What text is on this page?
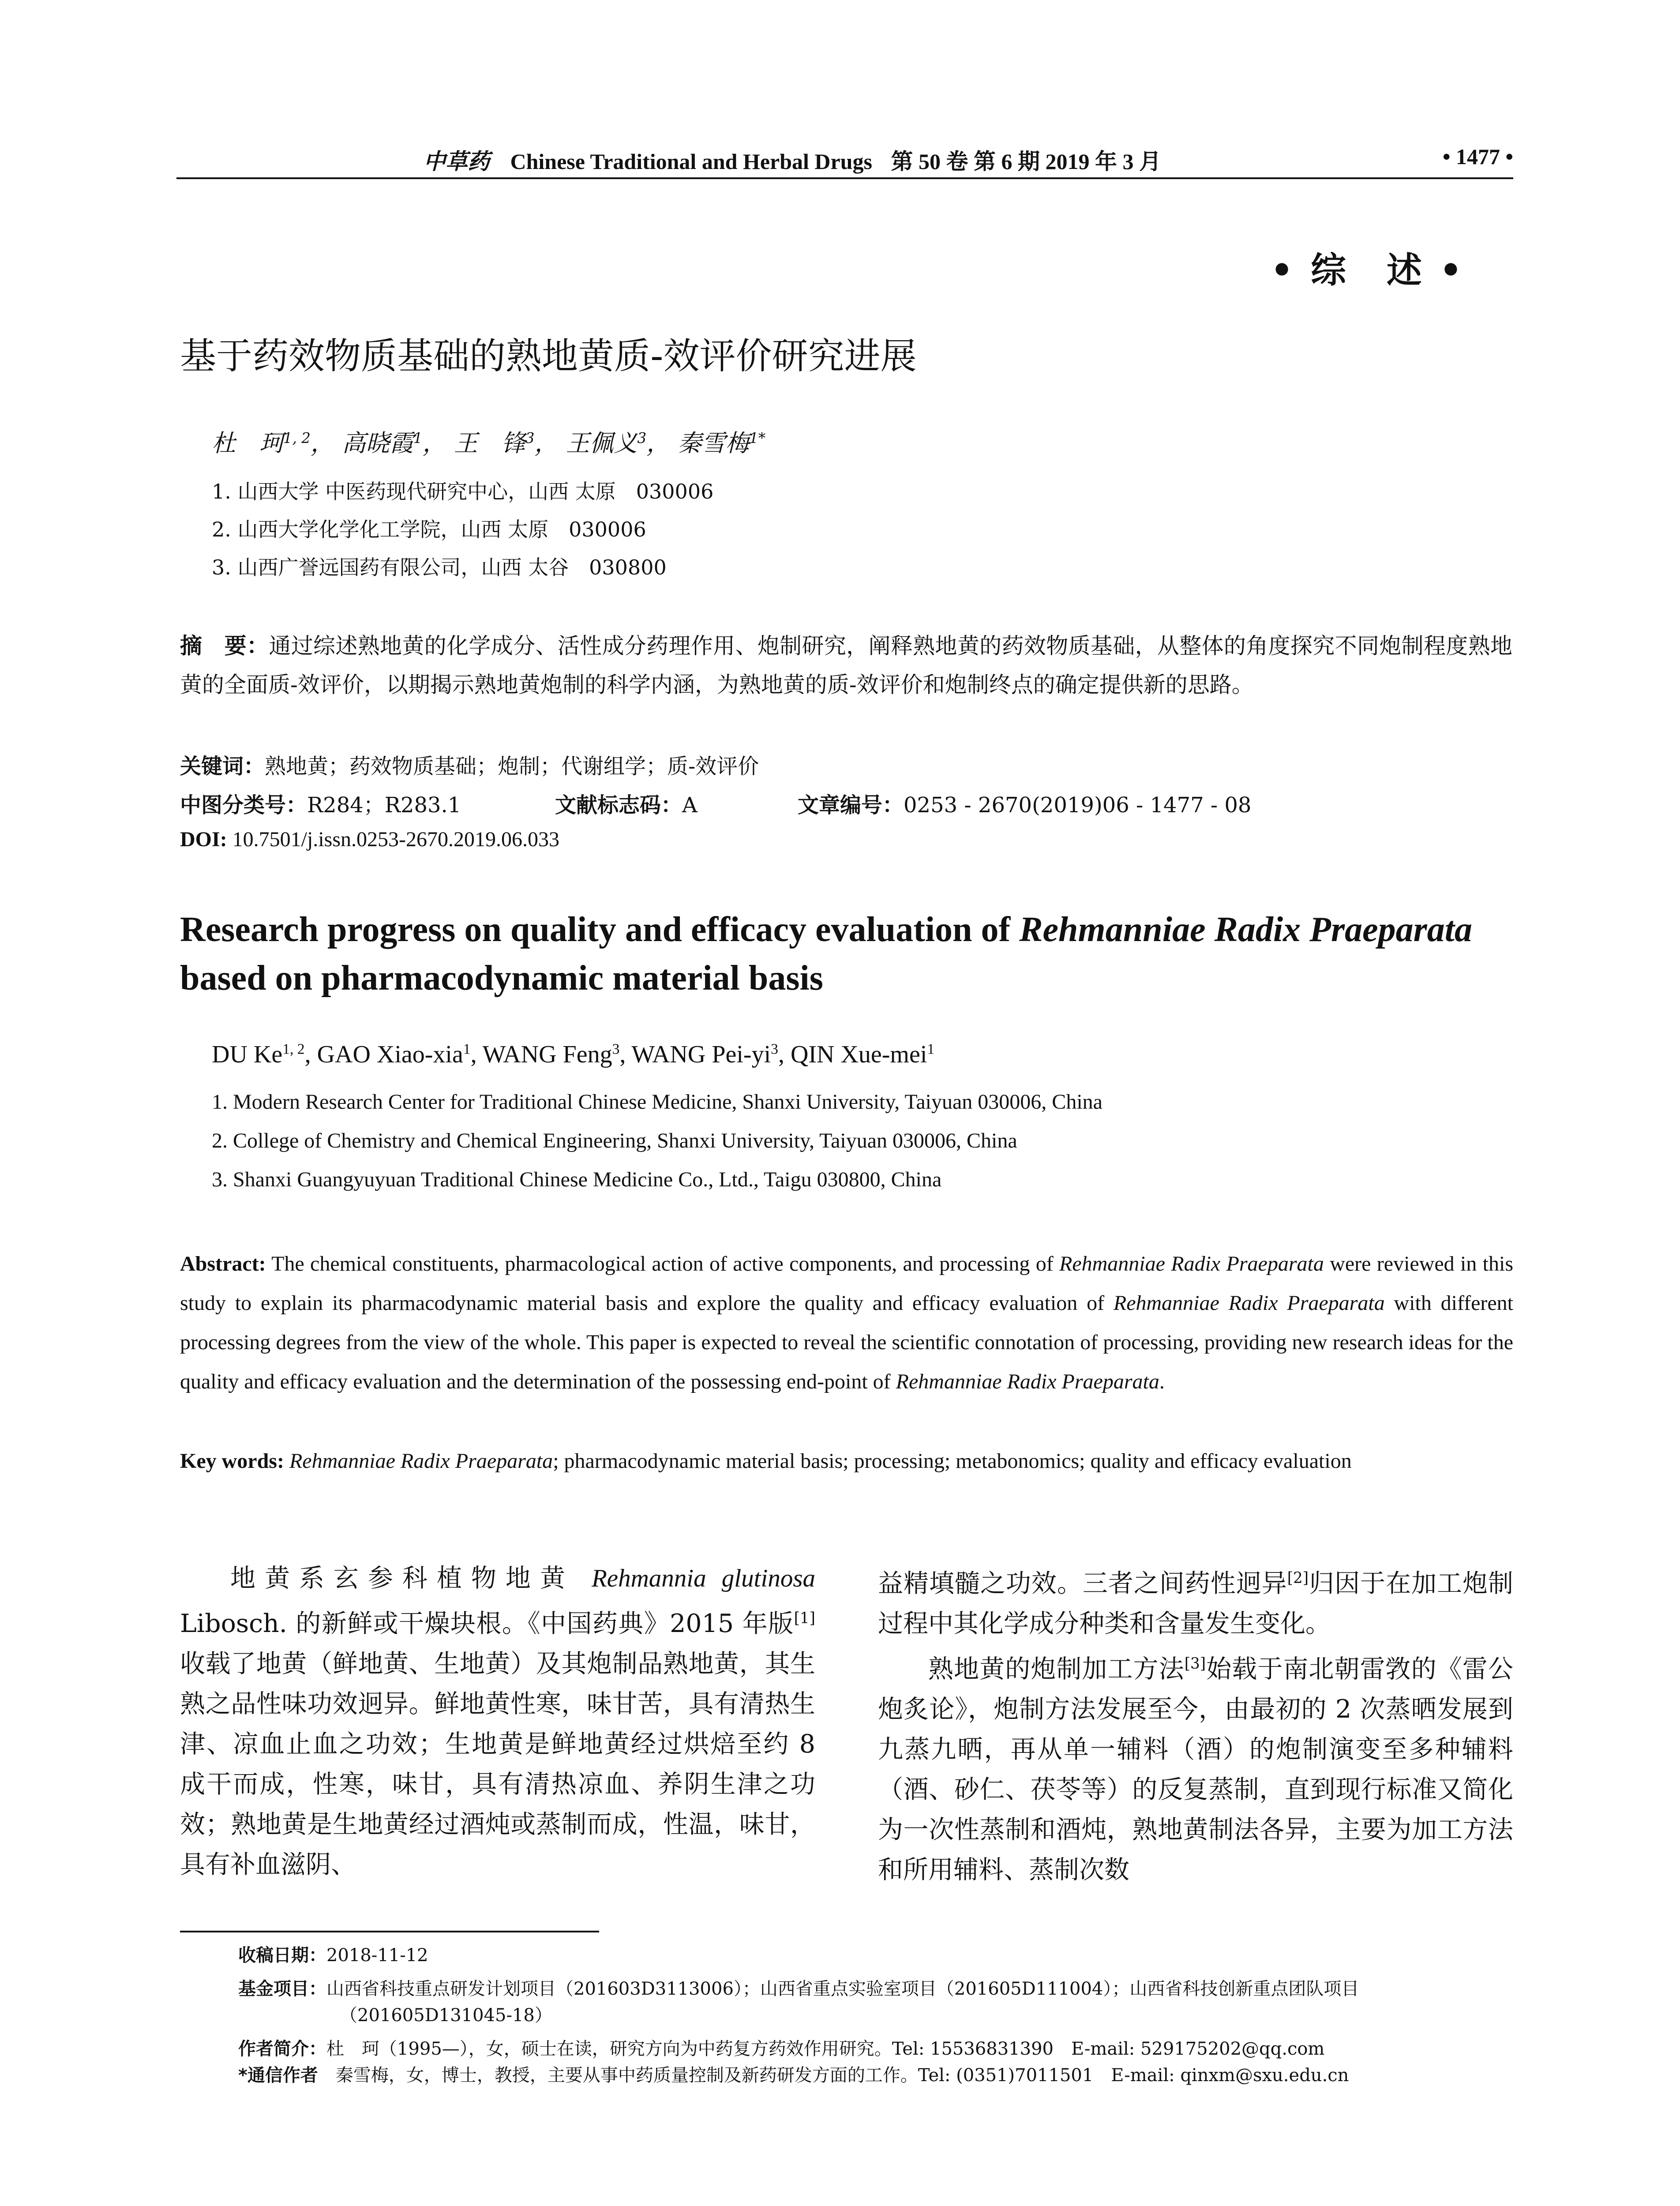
中草药 Chinese Traditional and Herbal Drugs 第 50 卷 第 6 期 2019 年 3 月	• 1477 •
• 综　述 •
基于药效物质基础的熟地黄质-效评价研究进展
杜　珂$^{1, 2}$， 高晓霞$^1$， 王　锋$^3$， 王佩义$^3$， 秦雪梅$^{1*}$
1. 山西大学 中医药现代研究中心，山西 太原　030006
2. 山西大学化学化工学院，山西 太原　030006
3. 山西广誉远国药有限公司，山西 太谷　030800
摘　要：通过综述熟地黄的化学成分、活性成分药理作用、炮制研究，阐释熟地黄的药效物质基础，从整体的角度探究不同炮制程度熟地黄的全面质-效评价，以期揭示熟地黄炮制的科学内涵，为熟地黄的质-效评价和炮制终点的确定提供新的思路。
关键词：熟地黄；药效物质基础；炮制；代谢组学；质-效评价
中图分类号：R284；R283.1	文献标志码：A	文章编号：0253 - 2670(2019)06 - 1477 - 08
DOI: 10.7501/j.issn.0253-2670.2019.06.033
Research progress on quality and efficacy evaluation of Rehmanniae Radix Praeparata based on pharmacodynamic material basis
DU Ke$^{1, 2}$, GAO Xiao-xia$^1$, WANG Feng$^3$, WANG Pei-$yi^3$, QIN Xue-mei$^1$
1. Modern Research Center for Traditional Chinese Medicine, Shanxi University, Taiyuan 030006, China
2. College of Chemistry and Chemical Engineering, Shanxi University, Taiyuan 030006, China
3. Shanxi Guangyuyuan Traditional Chinese Medicine Co., Ltd., Taigu 030800, China
Abstract: The chemical constituents, pharmacological action of active components, and processing of Rehmanniae Radix Praeparata were reviewed in this study to explain its pharmacodynamic material basis and explore the quality and efficacy evaluation of Rehmanniae Radix Praeparata with different processing degrees from the view of the whole. This paper is expected to reveal the scientific connotation of processing, providing new research ideas for the quality and efficacy evaluation and the determination of the possessing end-point of Rehmanniae Radix Praeparata.
Key words: Rehmanniae Radix Praeparata; pharmacodynamic material basis; processing; metabonomics; quality and efficacy evaluation

地黄系玄参科植物地黄 Rehmannia glutinosa Libosch. 的新鲜或干燥块根。《中国药典》2015 年版[1]收载了地黄（鲜地黄、生地黄）及其炮制品熟地黄，其生熟之品性味功效迥异。鲜地黄性寒，味甘苦，具有清热生津、凉血止血之功效；生地黄是鲜地黄经过烘焙至约 8 成干而成，性寒，味甘，具有清热凉血、养阴生津之功效；熟地黄是生地黄经过酒炖或蒸制而成，性温，味甘，具有补血滋阴、

益精填髓之功效。三者之间药性迥异[2]归因于在加工炮制过程中其化学成分种类和含量发生变化。

熟地黄的炮制加工方法[3]始载于南北朝雷敩的《雷公炮炙论》，炮制方法发展至今，由最初的 2 次蒸晒发展到九蒸九晒，再从单一辅料（酒）的炮制演变至多种辅料（酒、砂仁、茯苓等）的反复蒸制，直到现行标准又简化为一次性蒸制和酒炖，熟地黄制法各异，主要为加工方法和所用辅料、蒸制次数

收稿日期：2018-11-12

基金项目：山西省科技重点研发计划项目（201603D3113006）；山西省重点实验室项目（201605D111004）；山西省科技创新重点团队项目

（201605D131045-18）

作者简介：杜　珂（1995—），女，硕士在读，研究方向为中药复方药效作用研究。Tel: 15536831390　E-mail: 529175202@qq.com

*通信作者　 秦雪梅，女，博士，教授，主要从事中药质量控制及新药研发方面的工作。Tel: (0351)7011501　E-mail: qinxm@sxu.edu.cn
